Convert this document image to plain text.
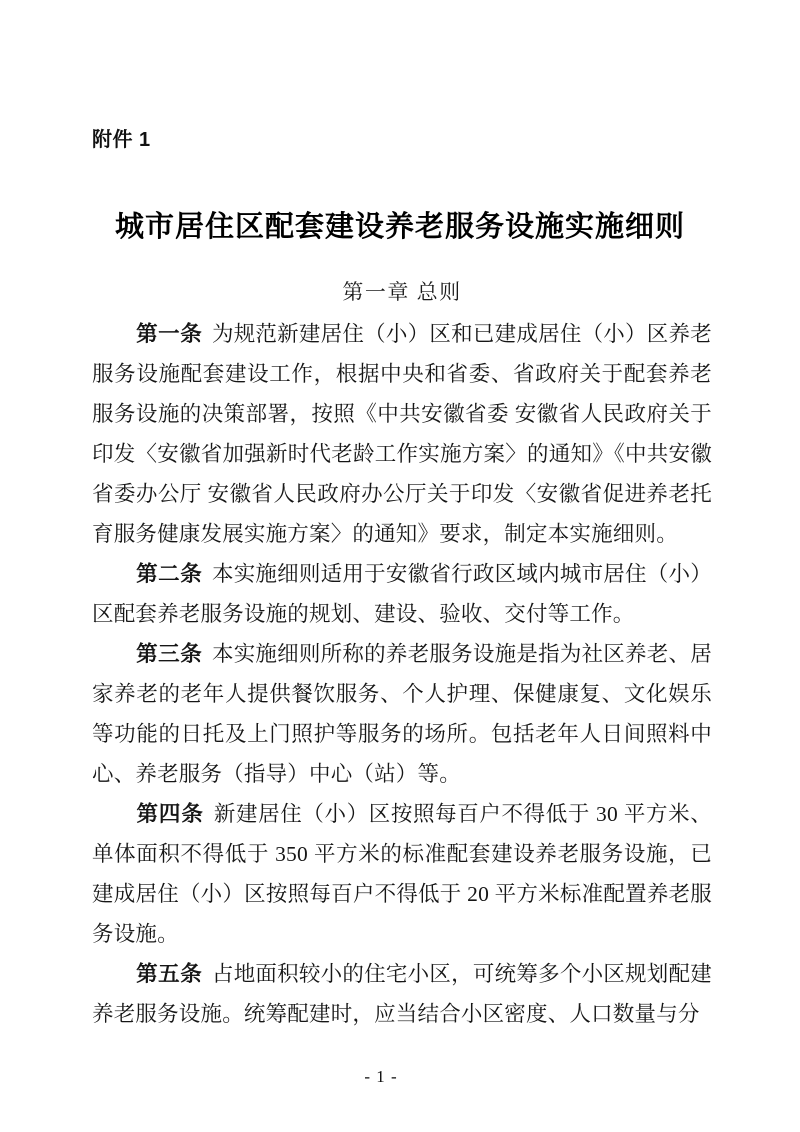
附件 1
城市居住区配套建设养老服务设施实施细则
第一章 总则

第一条 为规范新建居住（小）区和已建成居住（小）区养老服务设施配套建设工作，根据中央和省委、省政府关于配套养老服务设施的决策部署，按照《中共安徽省委 安徽省人民政府关于印发〈安徽省加强新时代老龄工作实施方案〉的通知》《中共安徽省委办公厅 安徽省人民政府办公厅关于印发〈安徽省促进养老托育服务健康发展实施方案〉的通知》要求，制定本实施细则。

第二条 本实施细则适用于安徽省行政区域内城市居住（小）区配套养老服务设施的规划、建设、验收、交付等工作。

第三条 本实施细则所称的养老服务设施是指为社区养老、居家养老的老年人提供餐饮服务、个人护理、保健康复、文化娱乐等功能的日托及上门照护等服务的场所。包括老年人日间照料中心、养老服务（指导）中心（站）等。

第四条 新建居住（小）区按照每百户不得低于 30 平方米、单体面积不得低于 350 平方米的标准配套建设养老服务设施，已建成居住（小）区按照每百户不得低于 20 平方米标准配置养老服务设施。

第五条 占地面积较小的住宅小区，可统筹多个小区规划配建养老服务设施。统筹配建时，应当结合小区密度、人口数量与分

- 1 -
